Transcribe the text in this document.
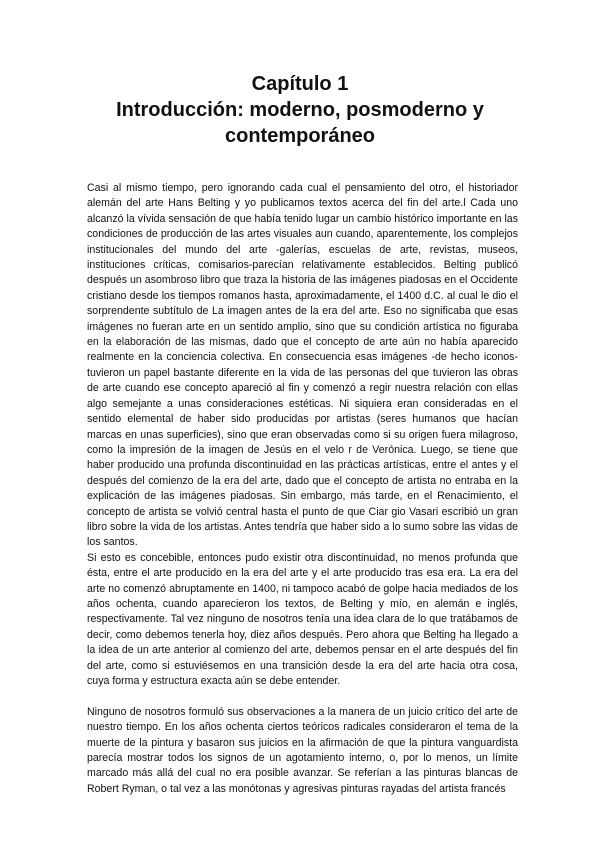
Capítulo 1
Introducción: moderno, posmoderno y
contemporáneo

Casi al mismo tiempo, pero ignorando cada cual el pensamiento del otro, el historiador alemán del arte Hans Belting y yo publicamos textos acerca del fin del arte.l Cada uno alcanzó la vívida sensación de que había tenido lugar un cambio histórico importante en las condiciones de producción de las artes visuales aun cuando, aparentemente, los complejos institucionales del mundo del arte -galerías, escuelas de arte, revistas, museos, instituciones críticas, comisarios-parecían relativamente establecidos. Belting publicó después un asombroso libro que traza la historia de las imágenes piadosas en el Occidente cristiano desde los tiempos romanos hasta, aproximadamente, el 1400 d.C. al cual le dio el sorprendente subtítulo de La imagen antes de la era del arte. Eso no significaba que esas imágenes no fueran arte en un sentido amplio, sino que su condición artística no figuraba en la elaboración de las mismas, dado que el concepto de arte aún no había aparecido realmente en la conciencia colectiva. En consecuencia esas imágenes -de hecho iconos-tuvieron un papel bastante diferente en la vida de las personas del que tuvieron las obras de arte cuando ese concepto apareció al fin y comenzó a regir nuestra relación con ellas algo semejante a unas consideraciones estéticas. Ni siquiera eran consideradas en el sentido elemental de haber sido producidas por artistas (seres humanos que hacían marcas en unas superficies), sino que eran observadas como si su origen fuera milagroso, como la impresión de la imagen de Jesús en el velo r de Verónica. Luego, se tiene que haber producido una profunda discontinuidad en las prácticas artísticas, entre el antes y el después del comienzo de la era del arte, dado que el concepto de artista no entraba en la explicación de las imágenes piadosas. Sin embargo, más tarde, en el Renacimiento, el concepto de artista se volvió central hasta el punto de que Ciar gio Vasari escribió un gran libro sobre la vida de los artistas. Antes tendría que haber sido a lo sumo sobre las vidas de los santos.

Si esto es concebible, entonces pudo existir otra discontinuidad, no menos profunda que ésta, entre el arte producido en la era del arte y el arte producido tras esa era. La era del arte no comenzó abruptamente en 1400, ni tampoco acabó de golpe hacia mediados de los años ochenta, cuando aparecieron los textos, de Belting y mío, en alemán e inglés, respectivamente. Tal vez ninguno de nosotros tenía una idea clara de lo que tratábamos de decir, como debemos tenerla hoy, diez años después. Pero ahora que Belting ha llegado a la idea de un arte anterior al comienzo del arte, debemos pensar en el arte después del fin del arte, como si estuviésemos en una transición desde la era del arte hacia otra cosa, cuya forma y estructura exacta aún se debe entender.

Ninguno de nosotros formuló sus observaciones a la manera de un juicio crítico del arte de nuestro tiempo. En los años ochenta ciertos teóricos radicales consideraron el tema de la muerte de la pintura y basaron sus juicios en la afirmación de que la pintura vanguardista parecía mostrar todos los signos de un agotamiento interno, o, por lo menos, un límite marcado más allá del cual no era posible avanzar. Se referían a las pinturas blancas de Robert Ryman, o tal vez a las monótonas y agresivas pinturas rayadas del artista francés
